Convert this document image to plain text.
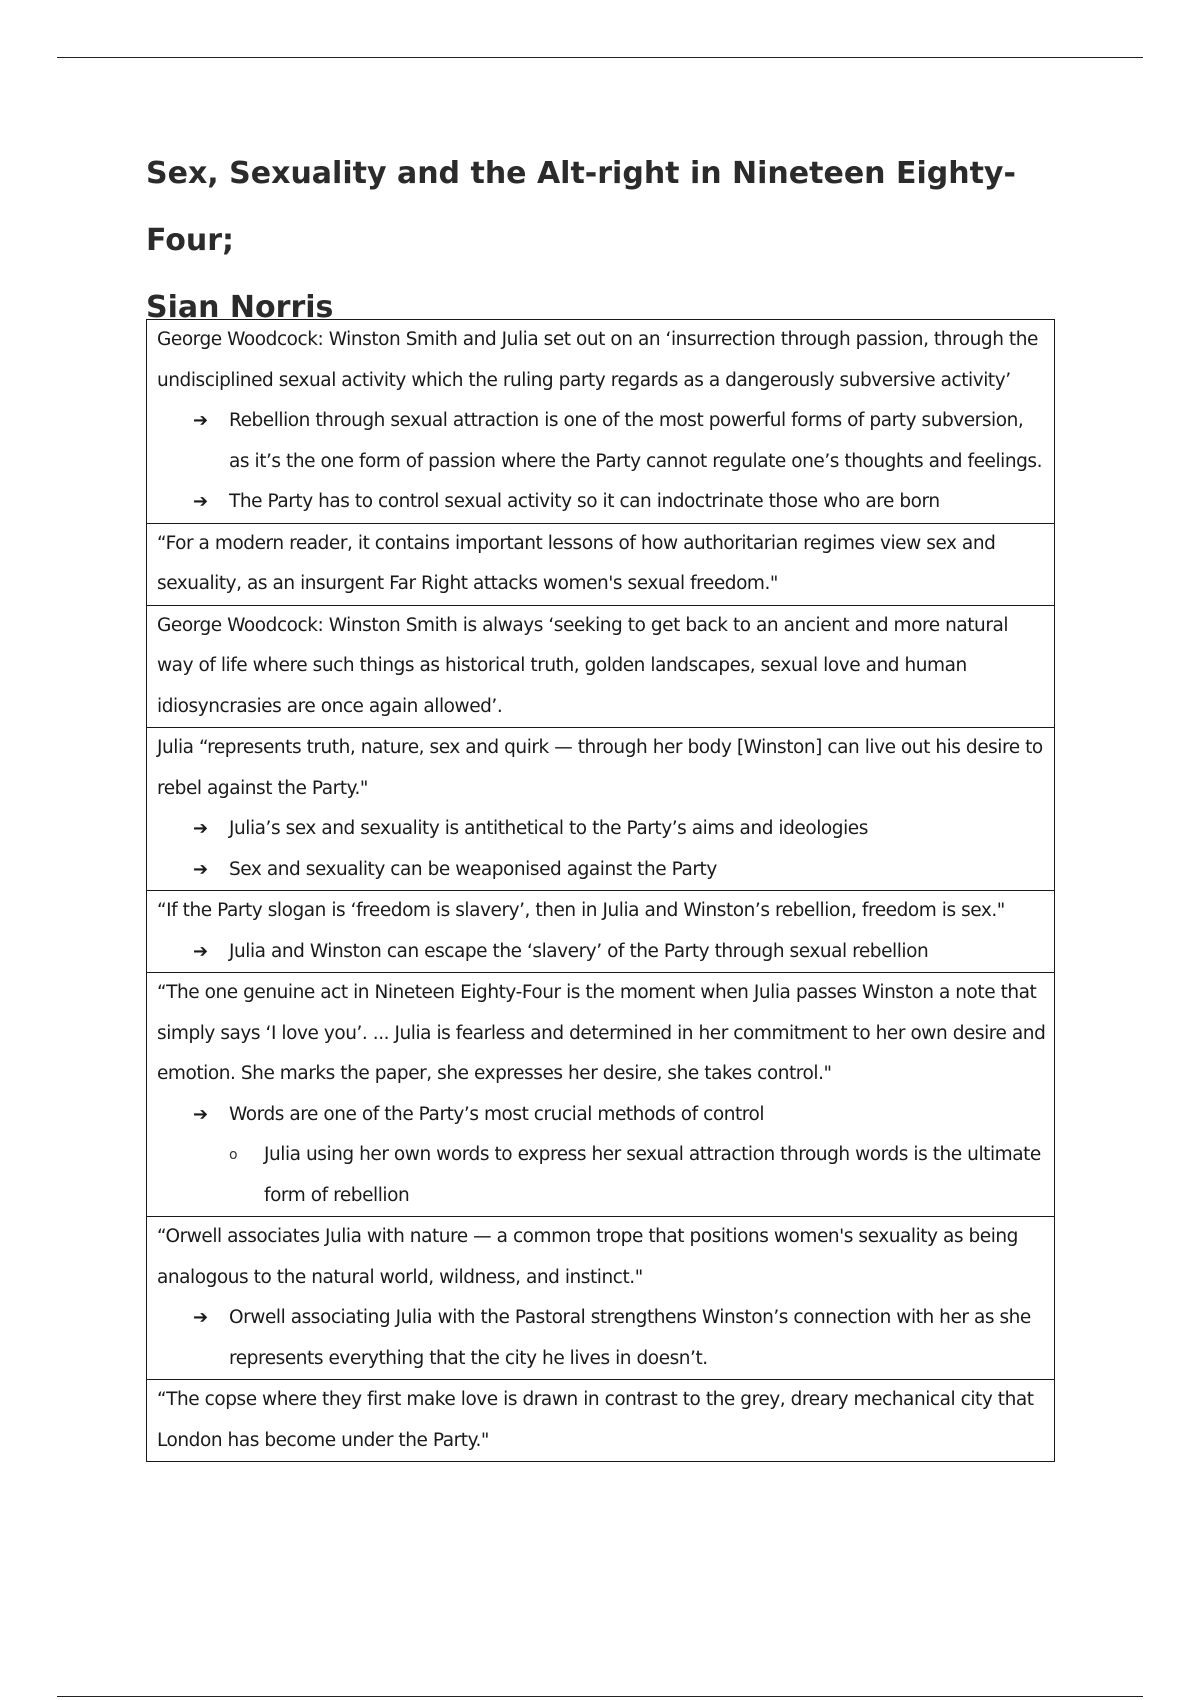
Sex, Sexuality and the Alt-right in Nineteen Eighty-Four;
Sian Norris

George Woodcock: Winston Smith and Julia set out on an ‘insurrection through passion, through the undisciplined sexual activity which the ruling party regards as a dangerously subversive activity’

➔	Rebellion through sexual attraction is one of the most powerful forms of party subversion, as it’s the one form of passion where the Party cannot regulate one’s thoughts and feelings.
➔	The Party has to control sexual activity so it can indoctrinate those who are born

“For a modern reader, it contains important lessons of how authoritarian regimes view sex and sexuality, as an insurgent Far Right attacks women's sexual freedom."

George Woodcock: Winston Smith is always ‘seeking to get back to an ancient and more natural way of life where such things as historical truth, golden landscapes, sexual love and human idiosyncrasies are once again allowed’.

Julia “represents truth, nature, sex and quirk — through her body [Winston] can live out his desire to rebel against the Party."

➔	Julia’s sex and sexuality is antithetical to the Party’s aims and ideologies
➔	Sex and sexuality can be weaponised against the Party

“If the Party slogan is ‘freedom is slavery’, then in Julia and Winston’s rebellion, freedom is sex."

➔	Julia and Winston can escape the ‘slavery’ of the Party through sexual rebellion

“The one genuine act in Nineteen Eighty-Four is the moment when Julia passes Winston a note that simply says ‘I love you’. ... Julia is fearless and determined in her commitment to her own desire and emotion. She marks the paper, she expresses her desire, she takes control."

➔	Words are one of the Party’s most crucial methods of control
o	Julia using her own words to express her sexual attraction through words is the ultimate form of rebellion

“Orwell associates Julia with nature — a common trope that positions women's sexuality as being analogous to the natural world, wildness, and instinct."

➔	Orwell associating Julia with the Pastoral strengthens Winston’s connection with her as she represents everything that the city he lives in doesn’t.

“The copse where they first make love is drawn in contrast to the grey, dreary mechanical city that London has become under the Party."
